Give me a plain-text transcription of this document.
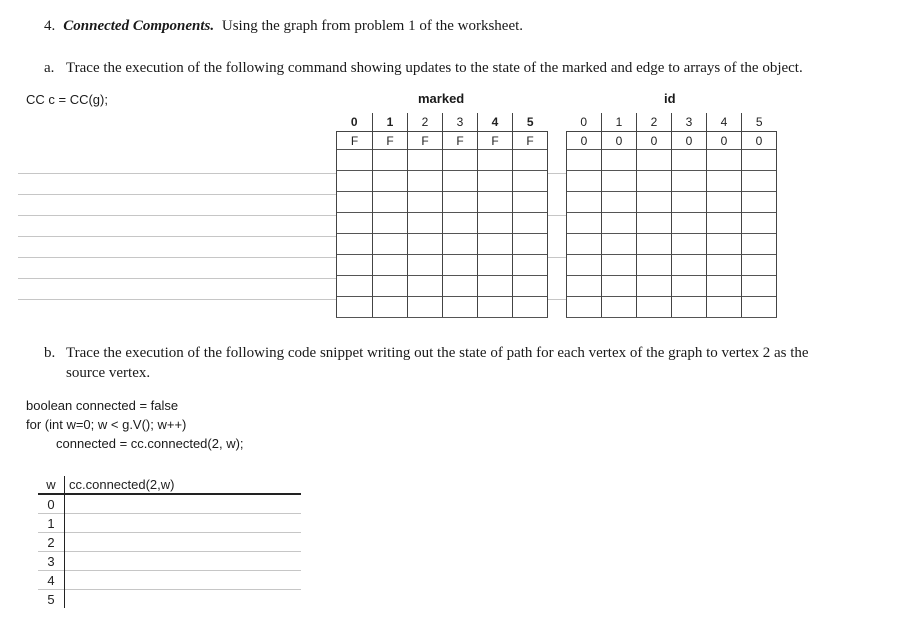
4. Connected Components. Using the graph from problem 1 of the worksheet.
a. Trace the execution of the following command showing updates to the state of the marked and edge to arrays of the object.
CC c = CC(g);	marked	id
0	1	2	3	4	5
F	F	F	F	F	F

0	1	2	3	4	5
0	0	0	0	0	0

b. Trace the execution of the following code snippet writing out the state of path for each vertex of the graph to vertex 2 as the
source vertex.
boolean connected = false
for (int w=0; w < g.V(); w++)
connected = cc.connected(2, w);
w	cc.connected(2,w)
0	
1	
2	
3	
4	
5	
